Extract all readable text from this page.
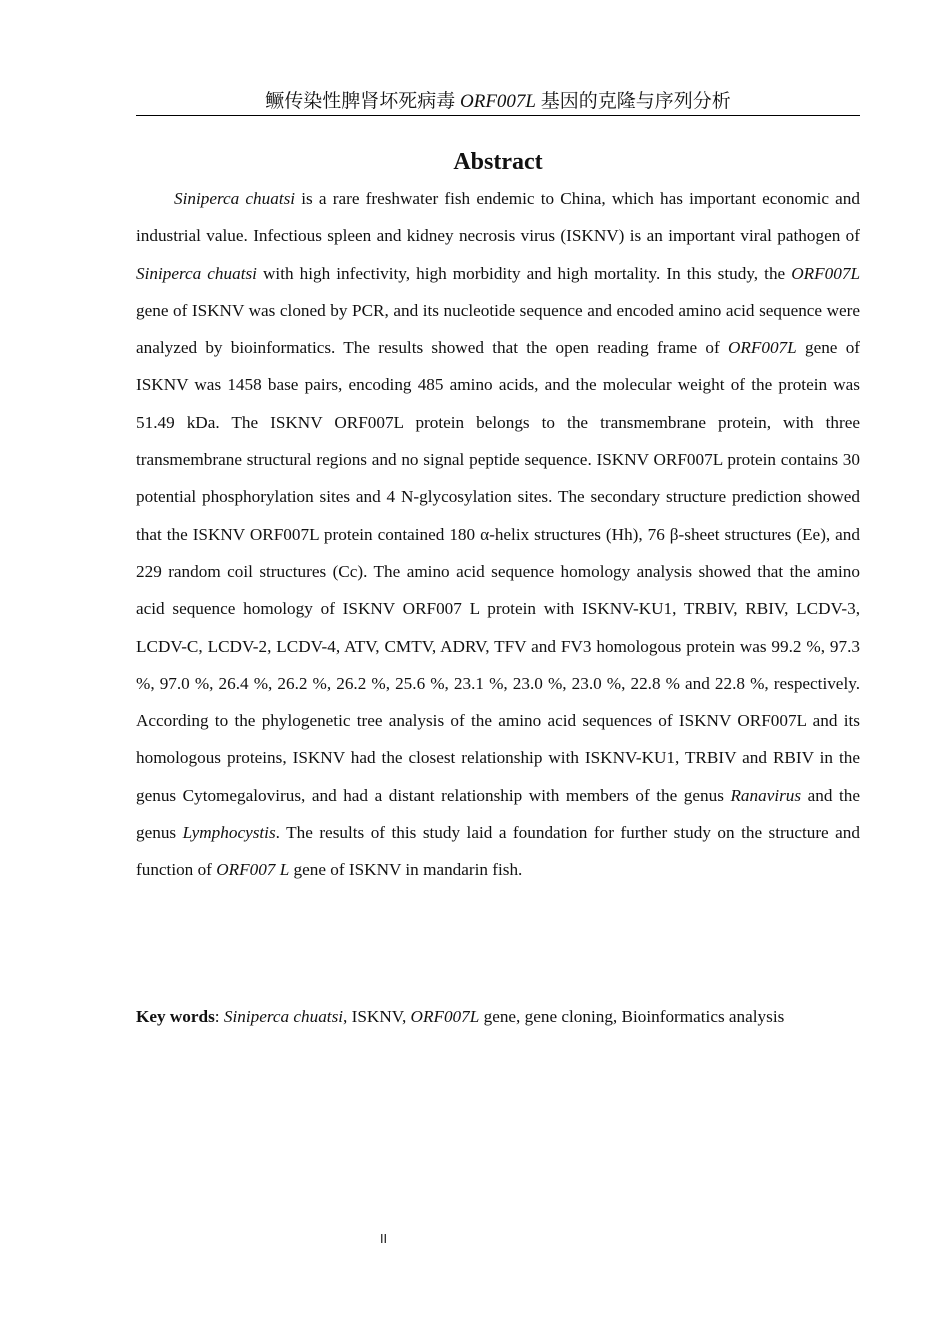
鳜传染性脾肾坏死病毒 ORF007L 基因的克隆与序列分析
Abstract

Siniperca chuatsi is a rare freshwater fish endemic to China, which has important economic and industrial value. Infectious spleen and kidney necrosis virus (ISKNV) is an important viral pathogen of Siniperca chuatsi with high infectivity, high morbidity and high mortality. In this study, the ORF007L gene of ISKNV was cloned by PCR, and its nucleotide sequence and encoded amino acid sequence were analyzed by bioinformatics. The results showed that the open reading frame of ORF007L gene of ISKNV was 1458 base pairs, encoding 485 amino acids, and the molecular weight of the protein was 51.49 kDa. The ISKNV ORF007L protein belongs to the transmembrane protein, with three transmembrane structural regions and no signal peptide sequence. ISKNV ORF007L protein contains 30 potential phosphorylation sites and 4 N-glycosylation sites. The secondary structure prediction showed that the ISKNV ORF007L protein contained 180 α-helix structures (Hh), 76 β-sheet structures (Ee), and 229 random coil structures (Cc). The amino acid sequence homology analysis showed that the amino acid sequence homology of ISKNV ORF007 L protein with ISKNV-KU1, TRBIV, RBIV, LCDV-3, LCDV-C, LCDV-2, LCDV-4, ATV, CMTV, ADRV, TFV and FV3 homologous protein was 99.2 %, 97.3 %, 97.0 %, 26.4 %, 26.2 %, 26.2 %, 25.6 %, 23.1 %, 23.0 %, 23.0 %, 22.8 % and 22.8 %, respectively. According to the phylogenetic tree analysis of the amino acid sequences of ISKNV ORF007L and its homologous proteins, ISKNV had the closest relationship with ISKNV-KU1, TRBIV and RBIV in the genus Cytomegalovirus, and had a distant relationship with members of the genus Ranavirus and the genus Lymphocystis. The results of this study laid a foundation for further study on the structure and function of ORF007 L gene of ISKNV in mandarin fish.

Key words: Siniperca chuatsi, ISKNV, ORF007L gene, gene cloning, Bioinformatics analysis

II
